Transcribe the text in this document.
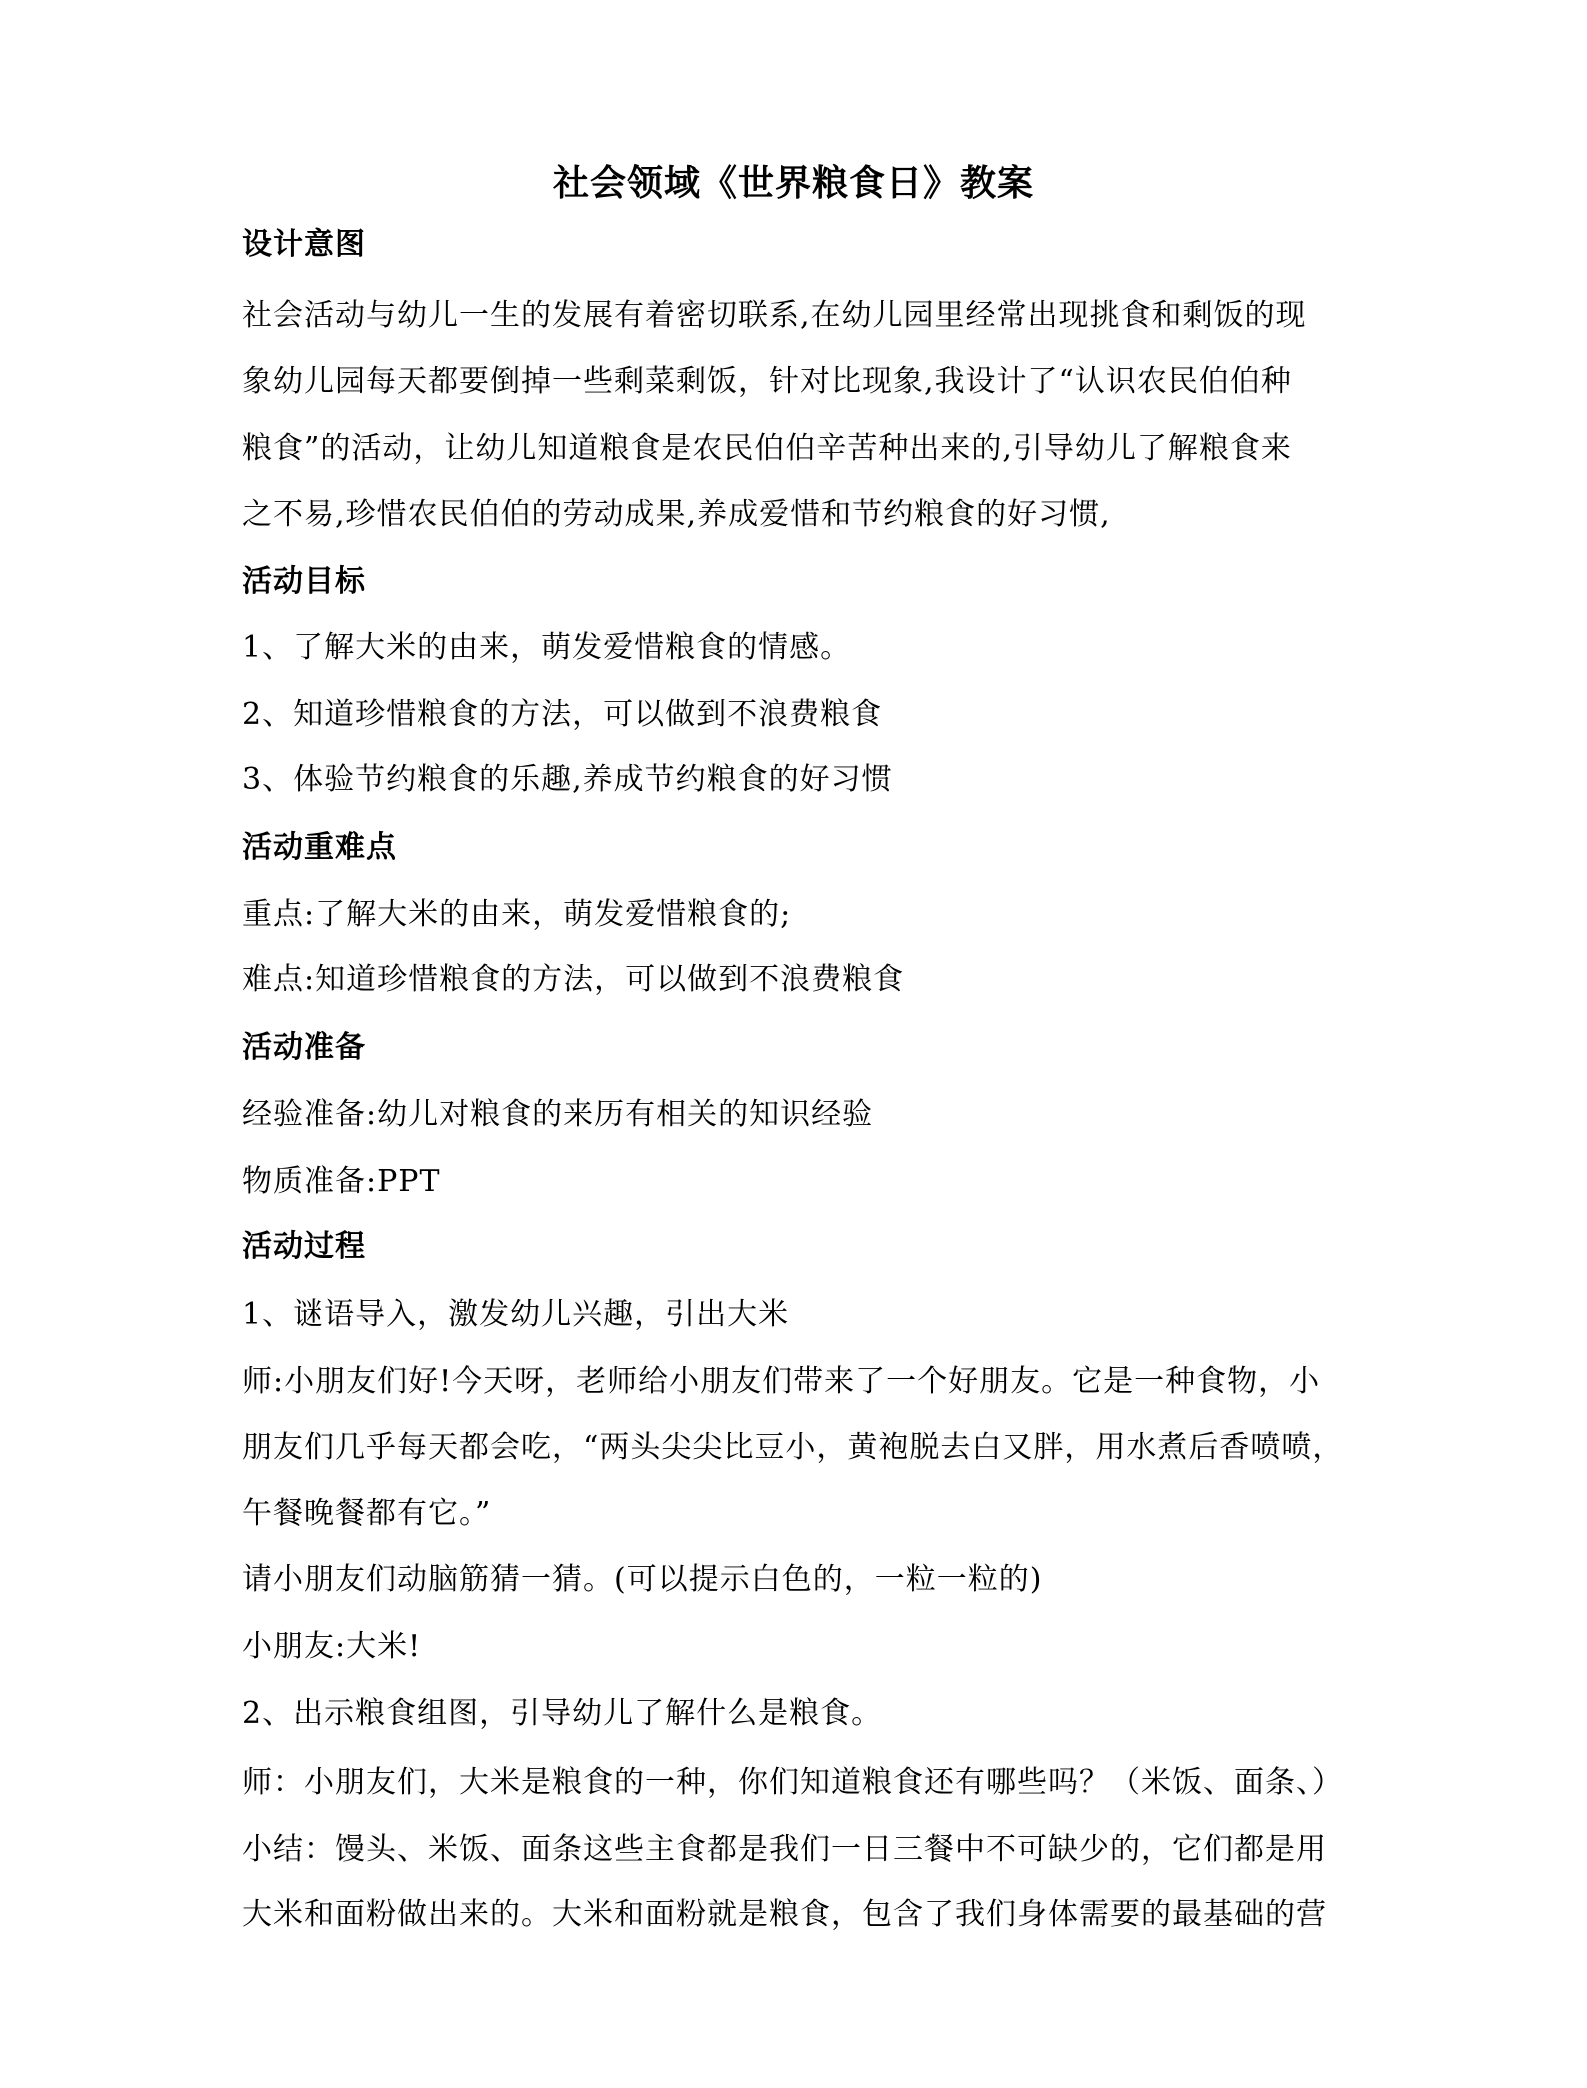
社会领域《世界粮食日》教案
设计意图
社会活动与幼儿一生的发展有着密切联系,在幼儿园里经常出现挑食和剩饭的现
象幼儿园每天都要倒掉一些剩菜剩饭，针对比现象,我设计了“认识农民伯伯种
粮食”的活动，让幼儿知道粮食是农民伯伯辛苦种出来的,引导幼儿了解粮食来
之不易,珍惜农民伯伯的劳动成果,养成爱惜和节约粮食的好习惯,
活动目标
1、了解大米的由来，萌发爱惜粮食的情感。
2、知道珍惜粮食的方法，可以做到不浪费粮食
3、体验节约粮食的乐趣,养成节约粮食的好习惯
活动重难点
重点:了解大米的由来，萌发爱惜粮食的;
难点:知道珍惜粮食的方法，可以做到不浪费粮食
活动准备
经验准备:幼儿对粮食的来历有相关的知识经验
物质准备:PPT
活动过程
1、谜语导入，激发幼儿兴趣，引出大米
师:小朋友们好!今天呀，老师给小朋友们带来了一个好朋友。它是一种食物，小
朋友们几乎每天都会吃，“两头尖尖比豆小，黄袍脱去白又胖，用水煮后香喷喷，
午餐晚餐都有它。”
请小朋友们动脑筋猜一猜。(可以提示白色的，一粒一粒的)
小朋友:大米!
2、出示粮食组图，引导幼儿了解什么是粮食。
师：小朋友们，大米是粮食的一种，你们知道粮食还有哪些吗？（米饭、面条、）
小结：馒头、米饭、面条这些主食都是我们一日三餐中不可缺少的，它们都是用
大米和面粉做出来的。大米和面粉就是粮食，包含了我们身体需要的最基础的营
